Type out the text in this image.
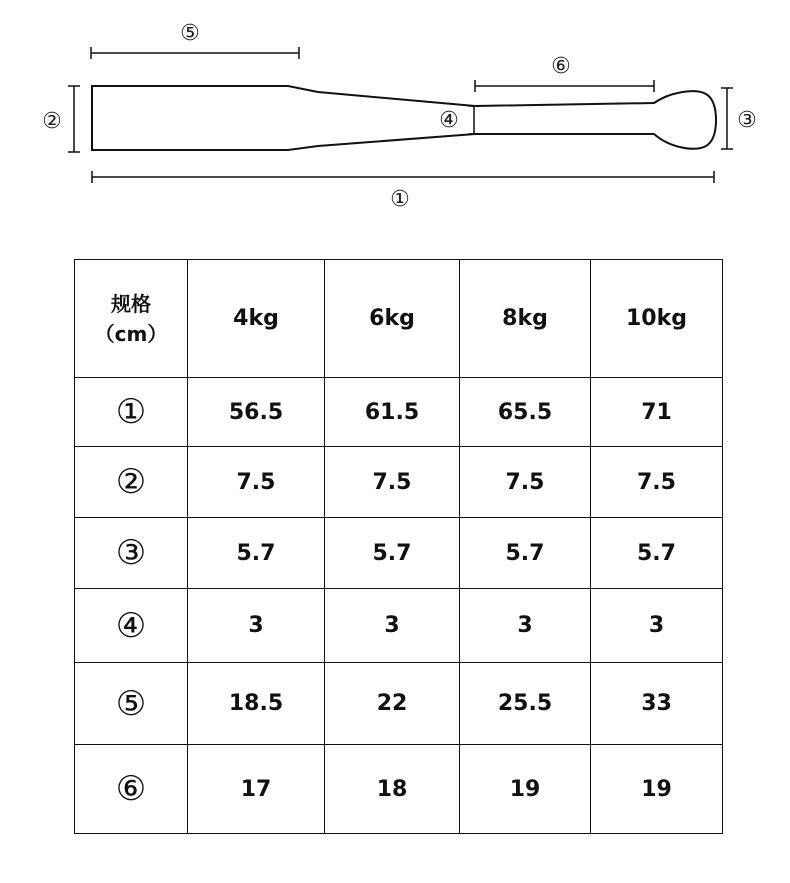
⑤
⑥
②	④	③
①
规格
（cm）	4kg	6kg	8kg	10kg
①	56.5	61.5	65.5	71
②	7.5	7.5	7.5	7.5
③	5.7	5.7	5.7	5.7
④	3	3	3	3
⑤	18.5	22	25.5	33
⑥	17	18	19	19
